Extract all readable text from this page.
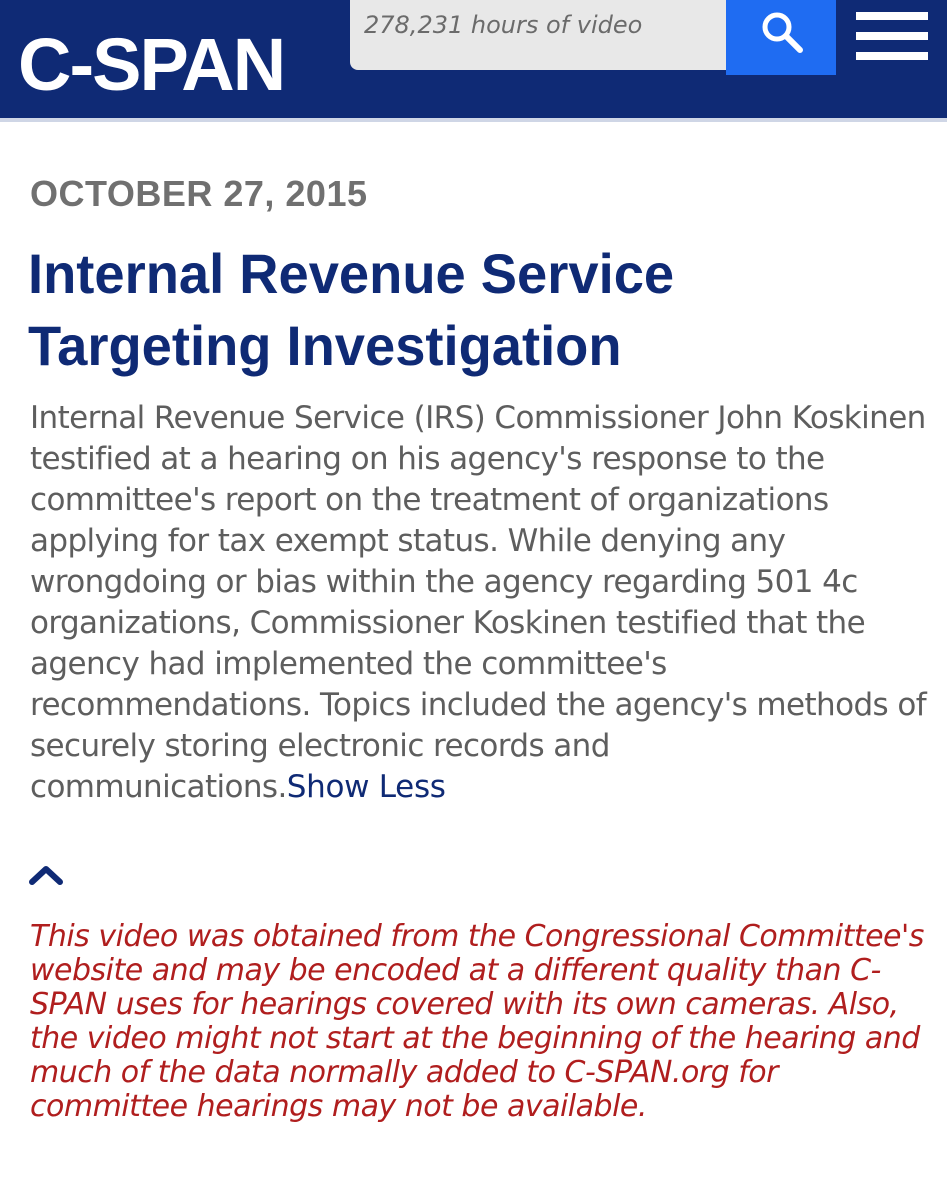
C-SPAN
278,231 hours of video
OCTOBER 27, 2015
Internal Revenue Service Targeting Investigation

Internal Revenue Service (IRS) Commissioner John Koskinen testified at a hearing on his agency's response to the committee's report on the treatment of organizations applying for tax exempt status. While denying any wrongdoing or bias within the agency regarding 501 4c organizations, Commissioner Koskinen testified that the agency had implemented the committee's recommendations. Topics included the agency's methods of securely storing electronic records and communications.Show Less

This video was obtained from the Congressional Committee's website and may be encoded at a different quality than C-SPAN uses for hearings covered with its own cameras. Also, the video might not start at the beginning of the hearing and much of the data normally added to C-SPAN.org for committee hearings may not be available.
